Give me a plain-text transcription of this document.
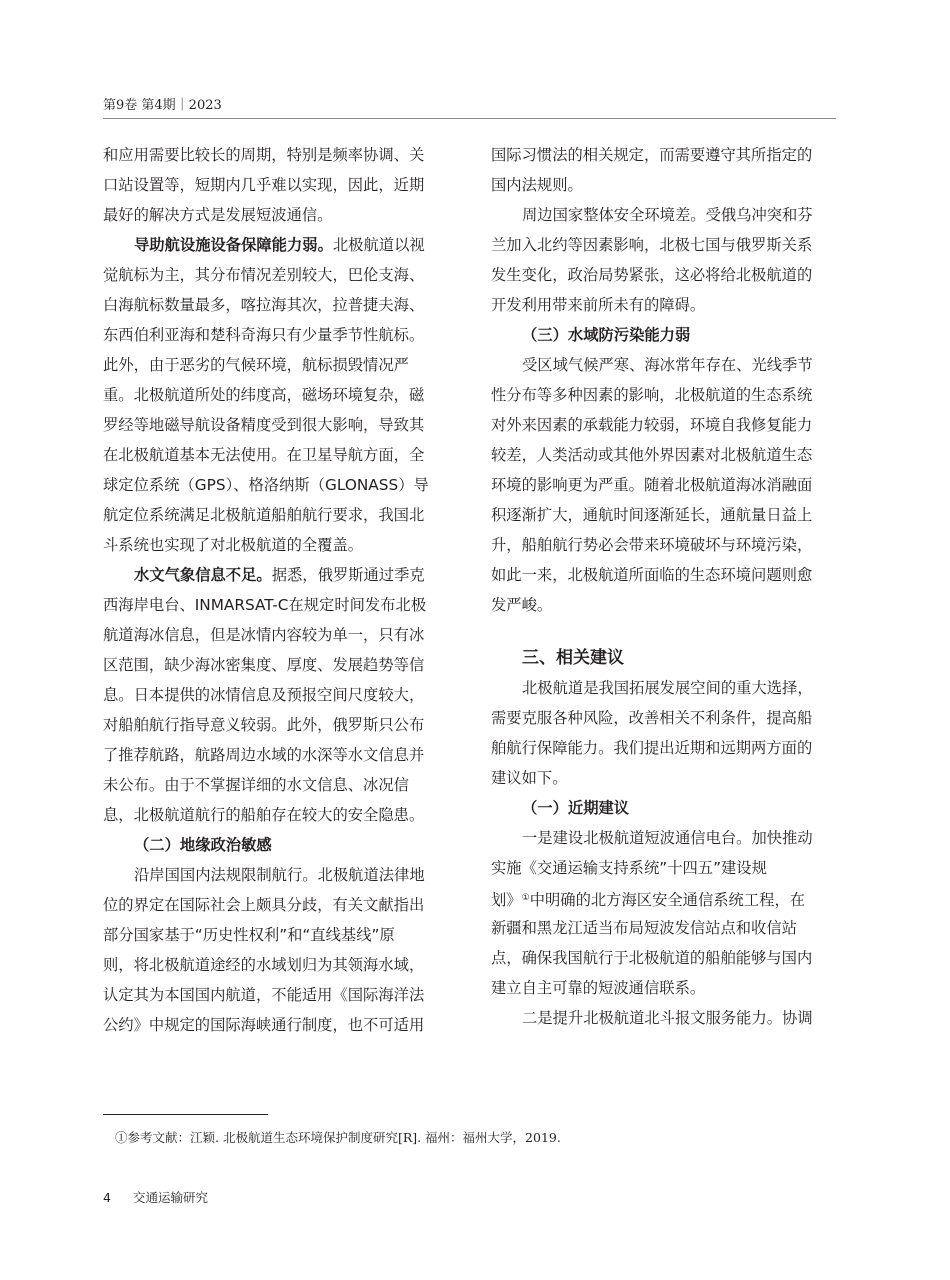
第9卷 第4期｜2023
和应用需要比较长的周期，特别是频率协调、关
口站设置等，短期内几乎难以实现，因此，近期
最好的解决方式是发展短波通信。
导助航设施设备保障能力弱。北极航道以视
觉航标为主，其分布情况差别较大，巴伦支海、
白海航标数量最多，喀拉海其次，拉普捷夫海、
东西伯利亚海和楚科奇海只有少量季节性航标。
此外，由于恶劣的气候环境，航标损毁情况严
重。北极航道所处的纬度高，磁场环境复杂，磁
罗经等地磁导航设备精度受到很大影响，导致其
在北极航道基本无法使用。在卫星导航方面，全
球定位系统（GPS）、格洛纳斯（GLONASS）导
航定位系统满足北极航道船舶航行要求，我国北
斗系统也实现了对北极航道的全覆盖。
水文气象信息不足。据悉，俄罗斯通过季克
西海岸电台、INMARSAT-C在规定时间发布北极
航道海冰信息，但是冰情内容较为单一，只有冰
区范围，缺少海冰密集度、厚度、发展趋势等信
息。日本提供的冰情信息及预报空间尺度较大，
对船舶航行指导意义较弱。此外，俄罗斯只公布
了推荐航路，航路周边水域的水深等水文信息并
未公布。由于不掌握详细的水文信息、冰况信
息，北极航道航行的船舶存在较大的安全隐患。
（二）地缘政治敏感
沿岸国国内法规限制航行。北极航道法律地
位的界定在国际社会上颇具分歧，有关文献指出
部分国家基于“历史性权利”和“直线基线”原
则，将北极航道途经的水域划归为其领海水域，
认定其为本国国内航道，不能适用《国际海洋法
公约》中规定的国际海峡通行制度，也不可适用
国际习惯法的相关规定，而需要遵守其所指定的
国内法规则。
周边国家整体安全环境差。受俄乌冲突和芬
兰加入北约等因素影响，北极七国与俄罗斯关系
发生变化，政治局势紧张，这必将给北极航道的
开发利用带来前所未有的障碍。
（三）水域防污染能力弱
受区域气候严寒、海冰常年存在、光线季节
性分布等多种因素的影响，北极航道的生态系统
对外来因素的承载能力较弱，环境自我修复能力
较差，人类活动或其他外界因素对北极航道生态
环境的影响更为严重。随着北极航道海冰消融面
积逐渐扩大，通航时间逐渐延长，通航量日益上
升，船舶航行势必会带来环境破坏与环境污染，
如此一来，北极航道所面临的生态环境问题则愈
发严峻。
三、相关建议
北极航道是我国拓展发展空间的重大选择，
需要克服各种风险，改善相关不利条件，提高船
舶航行保障能力。我们提出近期和远期两方面的
建议如下。
（一）近期建议
一是建设北极航道短波通信电台。加快推动
实施《交通运输支持系统”十四五”建设规
划》①中明确的北方海区安全通信系统工程，在
新疆和黑龙江适当布局短波发信站点和收信站
点，确保我国航行于北极航道的船舶能够与国内
建立自主可靠的短波通信联系。
二是提升北极航道北斗报文服务能力。协调
①参考文献：江颖. 北极航道生态环境保护制度研究[R]. 福州：福州大学，2019.
4 交通运输研究
